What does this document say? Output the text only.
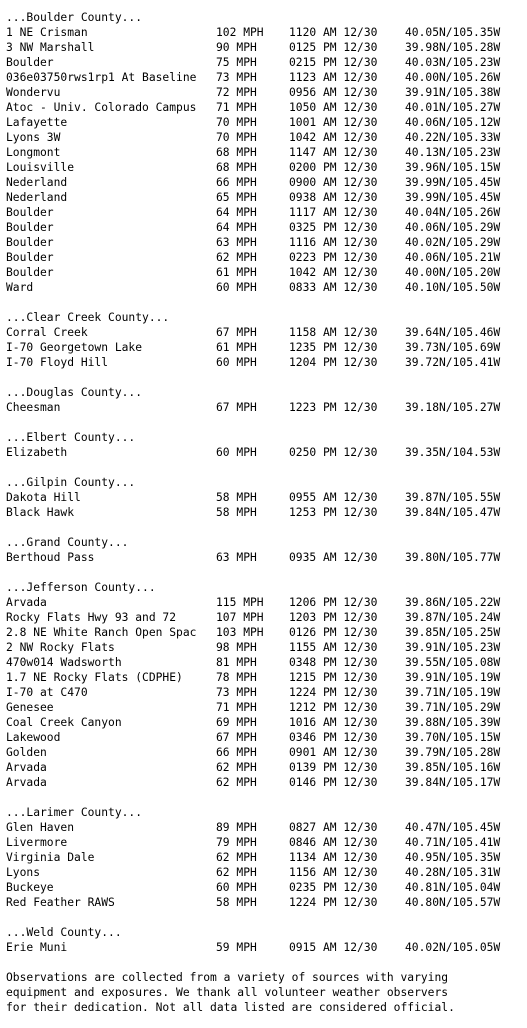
...Boulder County...
1 NE Crisman	102 MPH 1120 AM 12/30 40.05N/105.35W
3 NW Marshall	90 MPH	0125 PM 12/30 39.98N/105.28W
Boulder	75 MPH	0215 PM 12/30 40.03N/105.23W
036e03750rws1rp1 At Baseline 73 MPH	1123 AM 12/30 40.00N/105.26W
Wondervu	72 MPH	0956 AM 12/30 39.91N/105.38W
Atoc - Univ. Colorado Campus 71 MPH	1050 AM 12/30 40.01N/105.27W
Lafayette	70 MPH	1001 AM 12/30 40.06N/105.12W
Lyons 3W	70 MPH	1042 AM 12/30 40.22N/105.33W
Longmont	68 MPH	1147 AM 12/30 40.13N/105.23W
Louisville	68 MPH	0200 PM 12/30 39.96N/105.15W
Nederland	66 MPH	0900 AM 12/30 39.99N/105.45W
Nederland	65 MPH	0938 AM 12/30 39.99N/105.45W
Boulder	64 MPH	1117 AM 12/30 40.04N/105.26W
Boulder	64 MPH	0325 PM 12/30 40.06N/105.29W
Boulder	63 MPH	1116 AM 12/30 40.02N/105.29W
Boulder	62 MPH	0223 PM 12/30 40.06N/105.21W
Boulder	61 MPH	1042 AM 12/30 40.00N/105.20W
Ward	60 MPH	0833 AM 12/30 40.10N/105.50W
...Clear Creek County...
Corral Creek	67 MPH	1158 AM 12/30 39.64N/105.46W
I-70 Georgetown Lake	61 MPH	1235 PM 12/30 39.73N/105.69W
I-70 Floyd Hill	60 MPH	1204 PM 12/30 39.72N/105.41W
...Douglas County...
Cheesman	67 MPH	1223 PM 12/30 39.18N/105.27W
...Elbert County...
Elizabeth	60 MPH	0250 PM 12/30 39.35N/104.53W
...Gilpin County...
Dakota Hill	58 MPH	0955 AM 12/30 39.87N/105.55W
Black Hawk	58 MPH	1253 PM 12/30 39.84N/105.47W
...Grand County...
Berthoud Pass	63 MPH	0935 AM 12/30 39.80N/105.77W
...Jefferson County...
Arvada	115 MPH 1206 PM 12/30 39.86N/105.22W
Rocky Flats Hwy 93 and 72	107 MPH 1203 PM 12/30 39.87N/105.24W
2.8 NE White Ranch Open Spac 103 MPH 0126 PM 12/30 39.85N/105.25W
2 NW Rocky Flats	98 MPH	1155 AM 12/30 39.91N/105.23W
470w014 Wadsworth	81 MPH	0348 PM 12/30 39.55N/105.08W
1.7 NE Rocky Flats (CDPHE)	78 MPH	1215 PM 12/30 39.91N/105.19W
I-70 at C470	73 MPH	1224 PM 12/30 39.71N/105.19W
Genesee	71 MPH	1212 PM 12/30 39.71N/105.29W
Coal Creek Canyon	69 MPH	1016 AM 12/30 39.88N/105.39W
Lakewood	67 MPH	0346 PM 12/30 39.70N/105.15W
Golden	66 MPH	0901 AM 12/30 39.79N/105.28W
Arvada	62 MPH	0139 PM 12/30 39.85N/105.16W
Arvada	62 MPH	0146 PM 12/30 39.84N/105.17W
...Larimer County...
Glen Haven	89 MPH	0827 AM 12/30 40.47N/105.45W
Livermore	79 MPH	0846 AM 12/30 40.71N/105.41W
Virginia Dale	62 MPH	1134 AM 12/30 40.95N/105.35W
Lyons	62 MPH	1156 AM 12/30 40.28N/105.31W
Buckeye	60 MPH	0235 PM 12/30 40.81N/105.04W
Red Feather RAWS	58 MPH	1224 PM 12/30 40.80N/105.57W
...Weld County...
Erie Muni	59 MPH	0915 AM 12/30 40.02N/105.05W
Observations are collected from a variety of sources with varying
equipment and exposures. We thank all volunteer weather observers
for their dedication. Not all data listed are considered official.
